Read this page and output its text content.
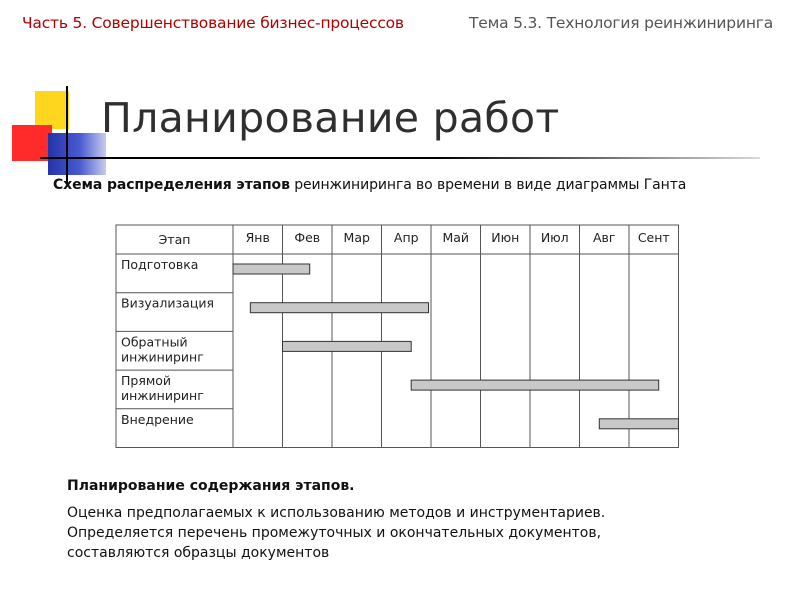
Часть 5. Совершенствование бизнес-процессов	Тема 5.3. Технология реинжиниринга
Планирование работ
Схема распределения этапов реинжиниринга во времени в виде диаграммы Ганта
Этап	Янв Фев Мар Апр Май Июн Июл Авг Сент
Подготовка
Визуализация
Обратный
инжиниринг
Прямой
инжиниринг
Внедрение
Планирование содержания этапов.
Оценка предполагаемых к использованию методов и инструментариев.
Определяется перечень промежуточных и окончательных документов,
составляются образцы документов
